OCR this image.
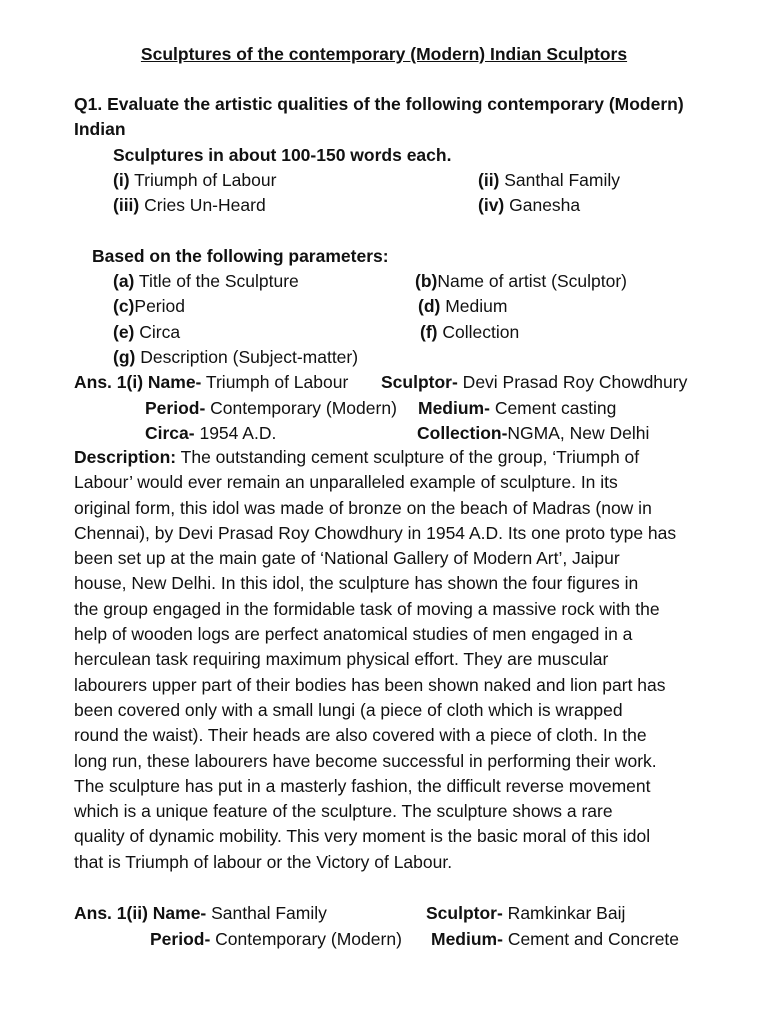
Sculptures of the contemporary (Modern) Indian Sculptors
Q1. Evaluate the artistic qualities of the following contemporary (Modern)
Indian
Sculptures in about 100-150 words each.
(i) Triumph of Labour	(ii) Santhal Family
(iii) Cries Un-Heard	(iv) Ganesha
Based on the following parameters:
(a) Title of the Sculpture	(b)Name of artist (Sculptor)
(c)Period	(d) Medium
(e) Circa	(f) Collection
(g) Description (Subject-matter)
Ans. 1(i) Name- Triumph of Labour Sculptor- Devi Prasad Roy Chowdhury
Period- Contemporary (Modern) Medium- Cement casting
Circa- 1954 A.D.	Collection-NGMA, New Delhi

Description: The outstanding cement sculpture of the group, ‘Triumph of

Labour’ would ever remain an unparalleled example of sculpture. In its

original form, this idol was made of bronze on the beach of Madras (now in

Chennai), by Devi Prasad Roy Chowdhury in 1954 A.D. Its one proto type has

been set up at the main gate of ‘National Gallery of Modern Art’, Jaipur

house, New Delhi. In this idol, the sculpture has shown the four figures in

the group engaged in the formidable task of moving a massive rock with the

help of wooden logs are perfect anatomical studies of men engaged in a

herculean task requiring maximum physical effort. They are muscular

labourers upper part of their bodies has been shown naked and lion part has

been covered only with a small lungi (a piece of cloth which is wrapped

round the waist). Their heads are also covered with a piece of cloth. In the

long run, these labourers have become successful in performing their work.

The sculpture has put in a masterly fashion, the difficult reverse movement

which is a unique feature of the sculpture. The sculpture shows a rare

quality of dynamic mobility. This very moment is the basic moral of this idol

that is Triumph of labour or the Victory of Labour.

Ans. 1(ii) Name- Santhal Family	Sculptor- Ramkinkar Baij
Period- Contemporary (Modern) Medium- Cement and Concrete
